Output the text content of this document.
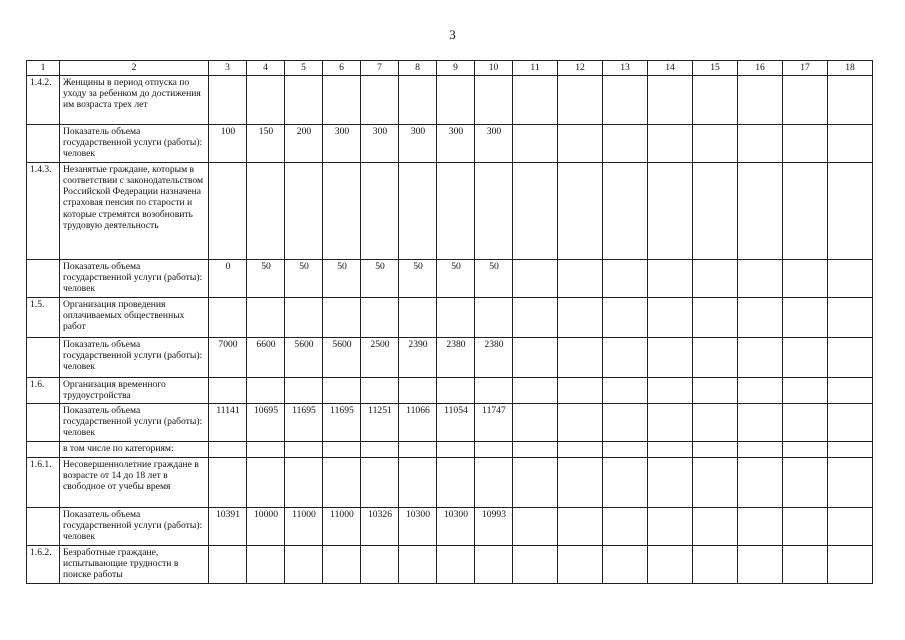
3
1	2	3	4	5	6	7	8	9	10	11	12	13	14	15	16	17	18
1.4.2.	Женщины в период отпуска по уходу за ребенком до достижения им возраста трех лет																
	Показатель объема государственной услуги (работы): человек	100	150	200	300	300	300	300	300								
1.4.3.	Незанятые граждане, которым в соответствии с законодательством Российской Федерации назначена страховая пенсия по старости и которые стремятся возобновить трудовую деятельность																
	Показатель объема государственной услуги (работы): человек	0	50	50	50	50	50	50	50								
1.5.	Организация проведения оплачиваемых общественных работ																
	Показатель объема государственной услуги (работы): человек	7000	6600	5600	5600	2500	2390	2380	2380								
1.6.	Организация временного трудоустройства																
	Показатель объема государственной услуги (работы): человек	11141	10695	11695	11695	11251	11066	11054	11747								
	в том числе по категориям:																
1.6.1.	Несовершеннолетние граждане в возрасте от 14 до 18 лет в свободное от учебы время																
	Показатель объема государственной услуги (работы): человек	10391	10000	11000	11000	10326	10300	10300	10993								
1.6.2.	Безработные граждане, испытывающие трудности в поиске работы																
